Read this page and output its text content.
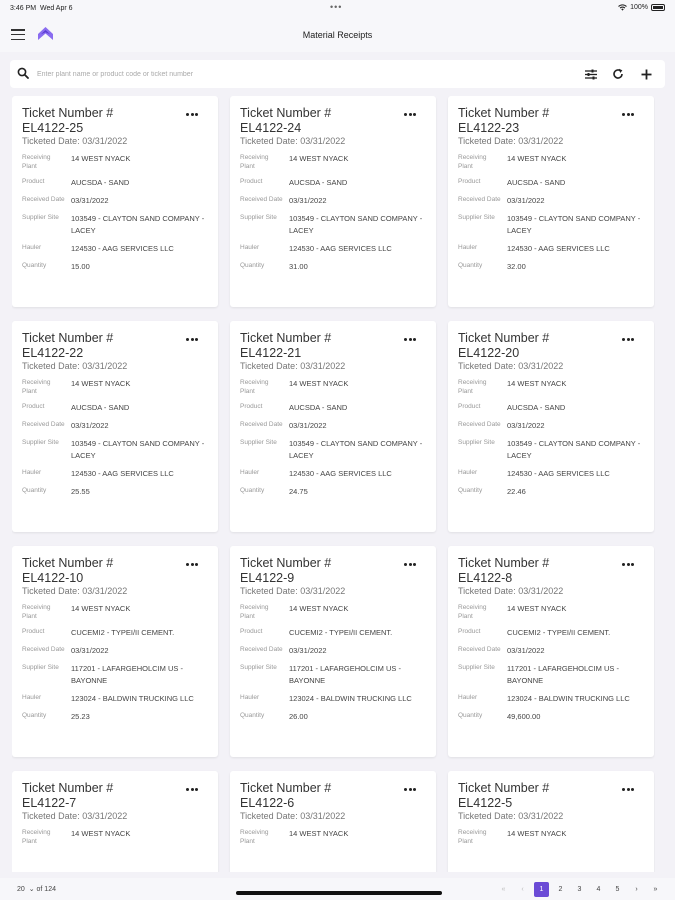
3:46 PM Wed Apr 6	•••	100%
Material Receipts
Enter plant name or product code or ticket number
Ticket Number #
EL4122-25
Ticketed Date: 03/31/2022
Receiving Plant
14 WEST NYACK
Product	AUCSDA - SAND
Received Date 03/31/2022
Supplier Site	103549 - CLAYTON SAND COMPANY - LACEY
Hauler	124530 - AAG SERVICES LLC
Quantity	15.00
Ticket Number #
EL4122-24
Ticketed Date: 03/31/2022
Receiving Plant
14 WEST NYACK
Product	AUCSDA - SAND
Received Date 03/31/2022
Supplier Site	103549 - CLAYTON SAND COMPANY - LACEY
Hauler	124530 - AAG SERVICES LLC
Quantity	31.00
Ticket Number #
EL4122-23
Ticketed Date: 03/31/2022
Receiving Plant
14 WEST NYACK
Product	AUCSDA - SAND
Received Date 03/31/2022
Supplier Site	103549 - CLAYTON SAND COMPANY - LACEY
Hauler	124530 - AAG SERVICES LLC
Quantity	32.00
Ticket Number #
EL4122-22
Ticketed Date: 03/31/2022
Receiving Plant
14 WEST NYACK
Product	AUCSDA - SAND
Received Date 03/31/2022
Supplier Site	103549 - CLAYTON SAND COMPANY - LACEY
Hauler	124530 - AAG SERVICES LLC
Quantity	25.55
Ticket Number #
EL4122-21
Ticketed Date: 03/31/2022
Receiving Plant
14 WEST NYACK
Product	AUCSDA - SAND
Received Date 03/31/2022
Supplier Site	103549 - CLAYTON SAND COMPANY - LACEY
Hauler	124530 - AAG SERVICES LLC
Quantity	24.75
Ticket Number #
EL4122-20
Ticketed Date: 03/31/2022
Receiving Plant
14 WEST NYACK
Product	AUCSDA - SAND
Received Date 03/31/2022
Supplier Site	103549 - CLAYTON SAND COMPANY - LACEY
Hauler	124530 - AAG SERVICES LLC
Quantity	22.46
Ticket Number #
EL4122-10
Ticketed Date: 03/31/2022
Receiving Plant
14 WEST NYACK
Product	CUCEMI2 - TYPEI/II CEMENT.
Received Date 03/31/2022
Supplier Site	117201 - LAFARGEHOLCIM US - BAYONNE
Hauler	123024 - BALDWIN TRUCKING LLC
Quantity	25.23
Ticket Number #
EL4122-9
Ticketed Date: 03/31/2022
Receiving Plant
14 WEST NYACK
Product	CUCEMI2 - TYPEI/II CEMENT.
Received Date 03/31/2022
Supplier Site	117201 - LAFARGEHOLCIM US - BAYONNE
Hauler	123024 - BALDWIN TRUCKING LLC
Quantity	26.00
Ticket Number #
EL4122-8
Ticketed Date: 03/31/2022
Receiving Plant
14 WEST NYACK
Product	CUCEMI2 - TYPEI/II CEMENT.
Received Date 03/31/2022
Supplier Site	117201 - LAFARGEHOLCIM US - BAYONNE
Hauler	123024 - BALDWIN TRUCKING LLC
Quantity	49,600.00
Ticket Number #
EL4122-7
Ticketed Date: 03/31/2022
Receiving Plant
14 WEST NYACK
Ticket Number #
EL4122-6
Ticketed Date: 03/31/2022
Receiving Plant
14 WEST NYACK
Ticket Number #
EL4122-5
Ticketed Date: 03/31/2022
Receiving Plant
14 WEST NYACK
20 ⌄ of 124	«	‹	1	2	3	4	5	›	»
